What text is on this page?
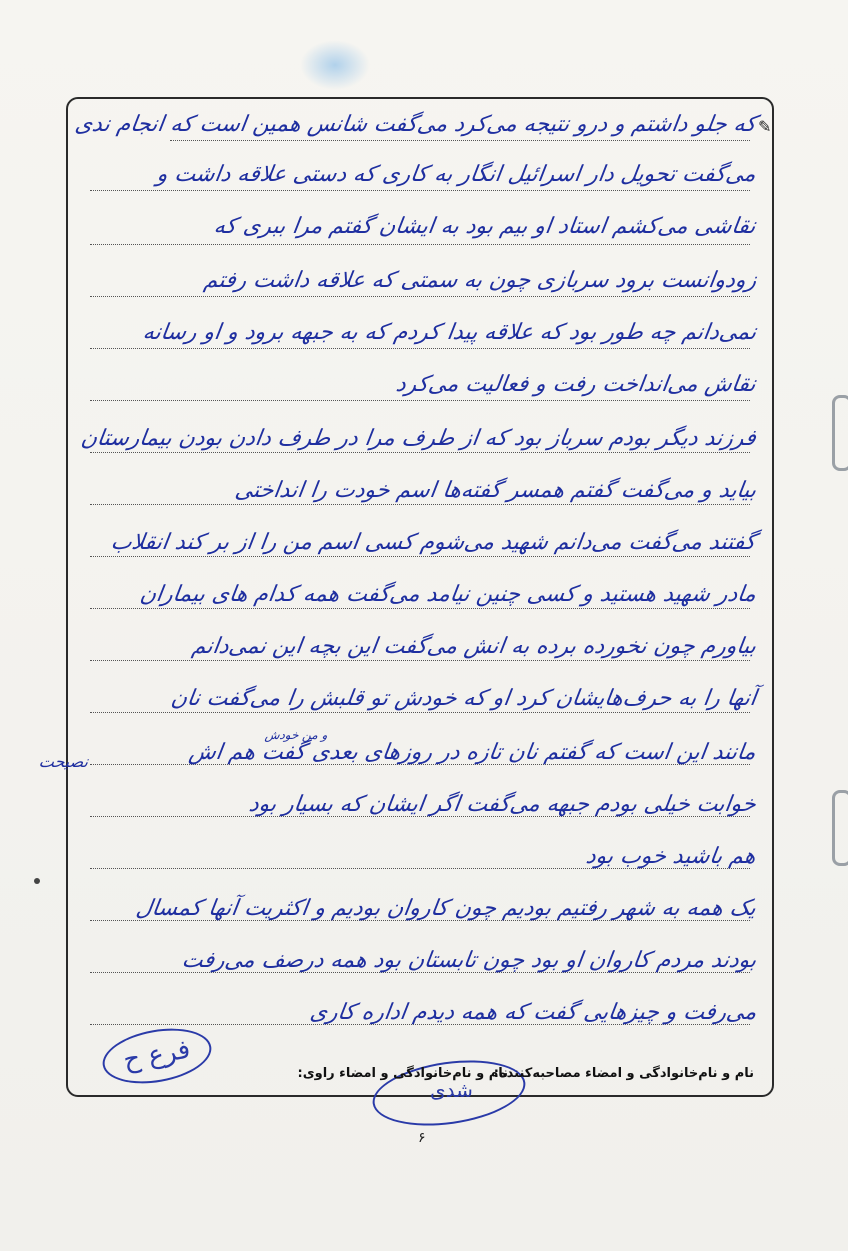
✎
که جلو داشتم و درو نتیجه می‌کرد می‌گفت شانس همین است که انجام ندی
می‌گفت تحویل دار اسرائیل انگار به کاری که دستی علاقه داشت و
نقاشی می‌کشم استاد او بیم بود به ایشان گفتم مرا ببری که
زودوانست برود سربازی چون به سمتی که علاقه داشت رفتم
نمی‌دانم چه طور بود که علاقه پیدا کردم که به جبهه برود و او رسانه
نقاش می‌انداخت رفت و فعالیت می‌کرد
فرزند دیگر بودم سرباز بود که از طرف مرا در طرف دادن بودن بیمارستان
بیاید و می‌گفت گفتم همسر گفته‌ها اسم خودت را انداختی
گفتند می‌گفت می‌دانم شهید می‌شوم کسی اسم من را از بر کند انقلاب
مادر شهید هستید و کسی چنین نیامد می‌گفت همه کدام های بیماران
بیاورم چون نخورده برده به انش می‌گفت این بچه این نمی‌دانم
آنها را به حرف‌هایشان کرد او که خودش تو قلبش را می‌گفت نان
مانند این است که گفتم نان تازه در روزهای بعدی گفت هم اش
خوابت خیلی بودم جبهه می‌گفت اگر ایشان که بسیار بود
هم باشید خوب بود
یک همه به شهر رفتیم بودیم چون کاروان بودیم و اکثریت آنها کمسال
بودند مردم کاروان او بود چون تابستان بود همه درصف می‌رفت
می‌رفت و چیزهایی گفت که همه دیدم اداره کاری
نصیحت
و من خودش
فرع ح
شدی
نام و نام‌خانوادگی و امضاء مصاحبه‌کننده:
نام و نام‌خانوادگی و امضاء راوی:
۶
